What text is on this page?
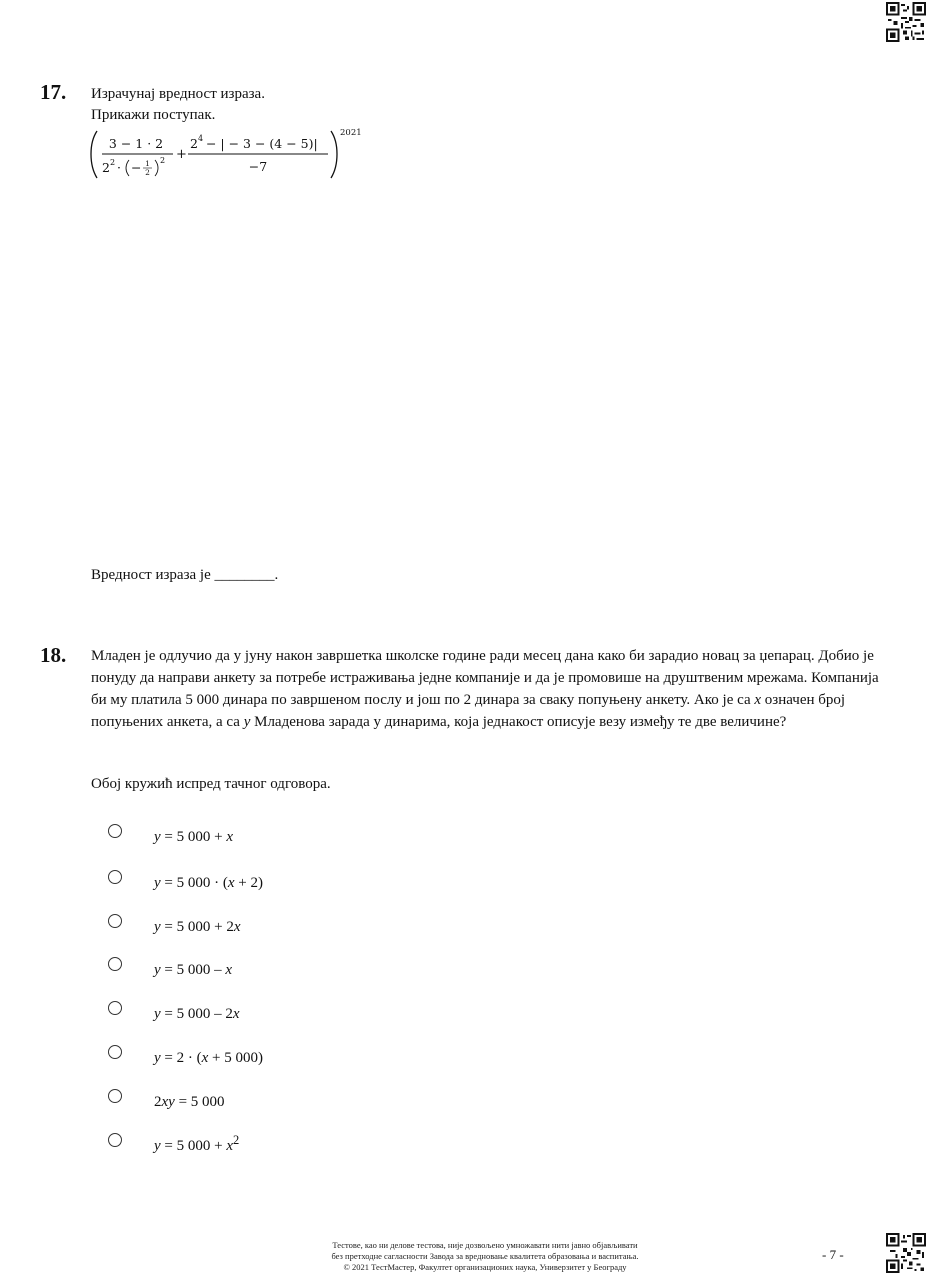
17. Израчунај вредност израза.
Прикажи поступак.
3 − 1 · 2
2 2 · − 1
2
2 +
2 4
− | − 3 − (4 − 5)|
−7
2021
Вредност израза је ________.
18. Младен је одлучио да у јуну након завршетка школске године ради месец дана како би зарадио новац за џепарац. Добио је понуду да направи анкету за потребе истраживања једне компаније и да је промовише на друштвеним мрежама. Компанија би му платила 5 000 динара по завршеном послу и још по 2 динара за сваку попуњену анкету. Ако је са x означен број попуњених анкета, а са y Младенова зарада у динарима, која једнакост описује везу између те две величине?
Обој кружић испред тачног одговора.
y = 5 000 + x
y = 5 000 · (x + 2)
y = 5 000 + 2x
y = 5 000 – x
y = 5 000 – 2x
y = 2 · (x + 5 000)
2xy = 5 000
y = 5 $000 + x^2$
Тестове, као ни делове тестова, није дозвољено умножавати нити јавно објављивати
без претходне сагласности Завода за вредновање квалитета образовања и васпитања.
© 2021 ТестМастер, Факултет организационих наука, Универзитет у Београду
- 7 -
